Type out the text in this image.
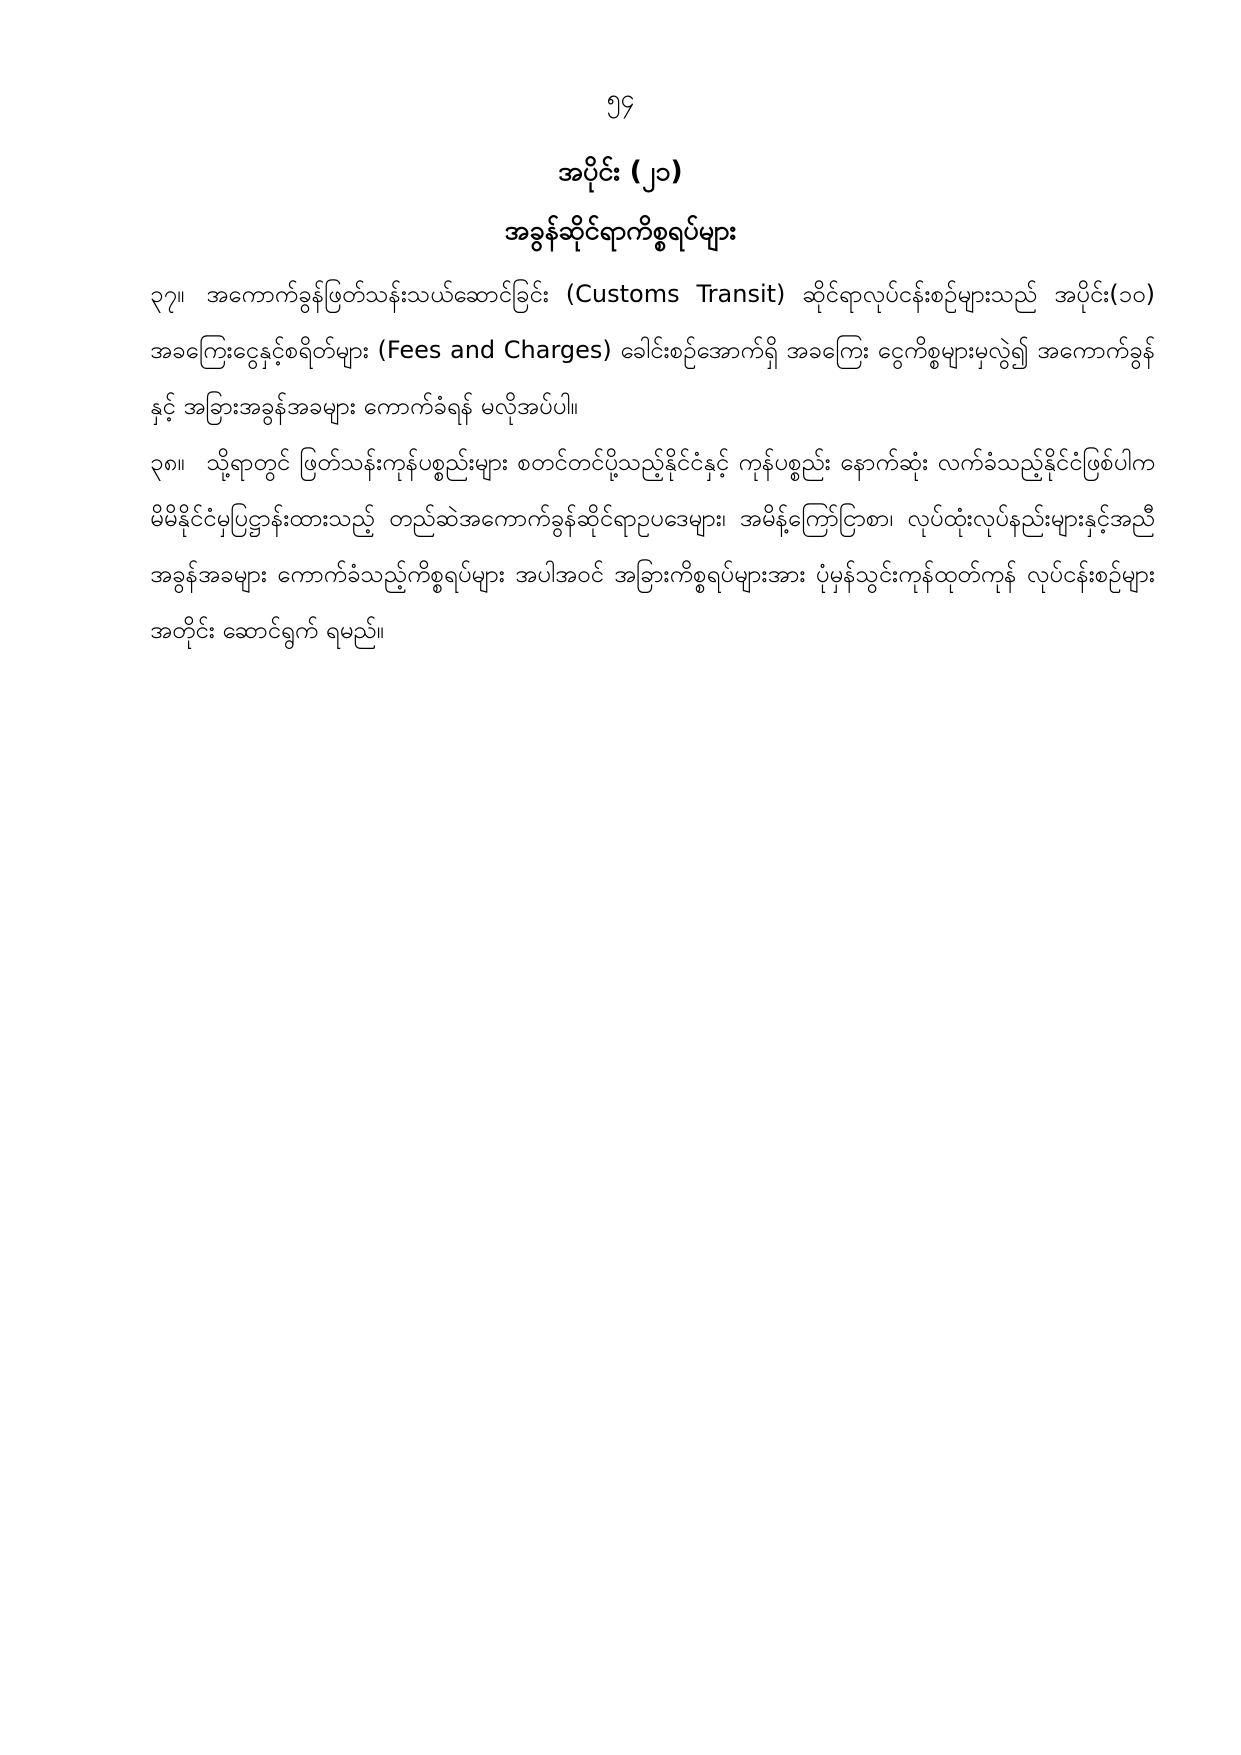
၅၄
အပိုင်း (၂၁)
အခွန်ဆိုင်ရာကိစ္စရပ်များ

၃၇။ အကောက်ခွန်ဖြတ်သန်းသယ်ဆောင်ခြင်း (Customs Transit) ဆိုင်ရာလုပ်ငန်းစဉ်များသည် အပိုင်း(၁၀) အခကြေးငွေနှင့်စရိတ်များ (Fees and Charges) ခေါင်းစဉ်အောက်ရှိ အခကြေး ငွေကိစ္စများမှလွဲ၍ အကောက်ခွန်နှင့် အခြားအခွန်အခများ ကောက်ခံရန် မလိုအပ်ပါ။

၃၈။ သို့ရာတွင် ဖြတ်သန်းကုန်ပစ္စည်းများ စတင်တင်ပို့သည့်နိုင်ငံနှင့် ကုန်ပစ္စည်း နောက်ဆုံး လက်ခံသည့်နိုင်ငံဖြစ်ပါက မိမိနိုင်ငံမှပြဋ္ဌာန်းထားသည့် တည်ဆဲအကောက်ခွန်ဆိုင်ရာဥပဒေများ၊ အမိန့်ကြော်ငြာစာ၊ လုပ်ထုံးလုပ်နည်းများနှင့်အညီ အခွန်အခများ ကောက်ခံသည့်ကိစ္စရပ်များ အပါအဝင် အခြားကိစ္စရပ်များအား ပုံမှန်သွင်းကုန်ထုတ်ကုန် လုပ်ငန်းစဉ်များအတိုင်း ဆောင်ရွက် ရမည်။
